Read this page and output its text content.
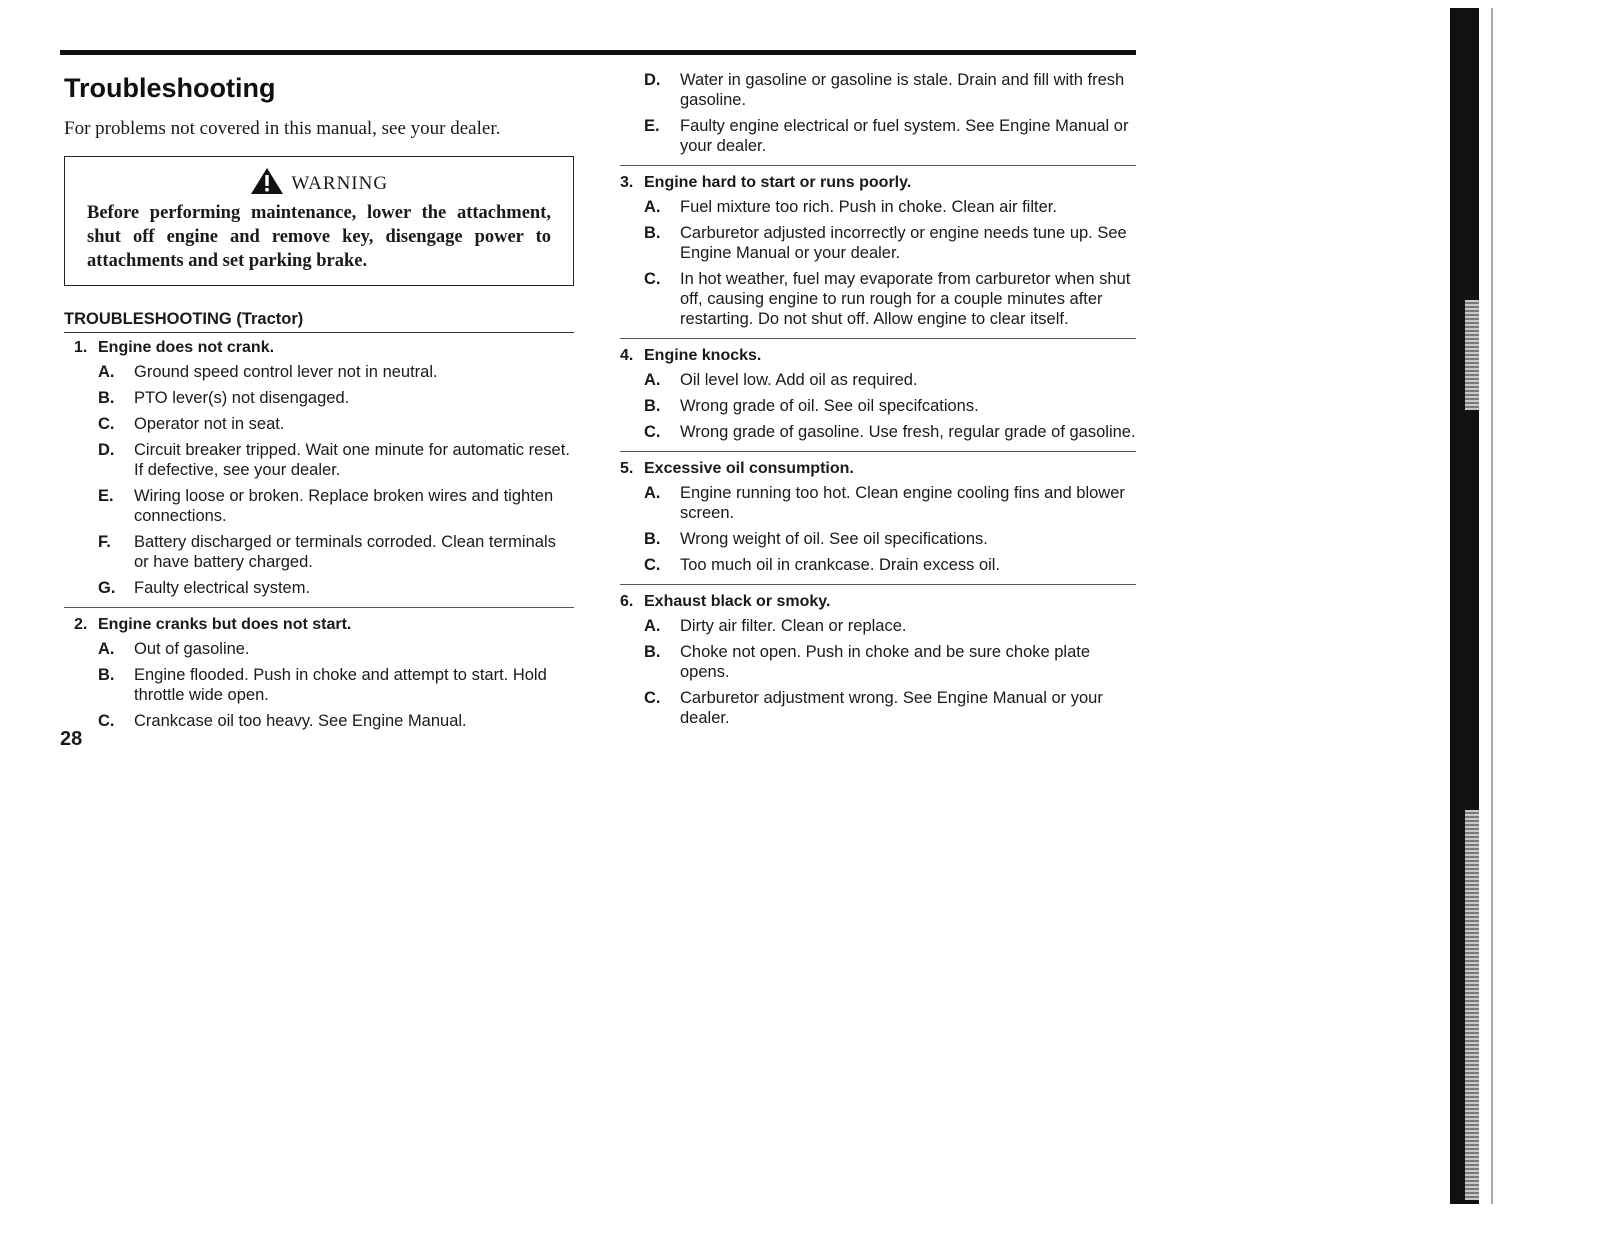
Troubleshooting
For problems not covered in this manual, see your dealer.
WARNING
Before performing maintenance, lower the attachment, shut off engine and remove key, disengage power to attachments and set parking brake.
TROUBLESHOOTING (Tractor)
1. Engine does not crank.
A.	Ground speed control lever not in neutral.
B.	PTO lever(s) not disengaged.
C.	Operator not in seat.
D.	Circuit breaker tripped. Wait one minute for automatic reset. If defective, see your dealer.
E.	Wiring loose or broken. Replace broken wires and tighten connections.
F.	Battery discharged or terminals corroded. Clean terminals or have battery charged.
G.	Faulty electrical system.
2. Engine cranks but does not start.
A.	Out of gasoline.
B.	Engine flooded. Push in choke and attempt to start. Hold throttle wide open.
C.	Crankcase oil too heavy. See Engine Manual.
28
D.	Water in gasoline or gasoline is stale. Drain and fill with fresh gasoline.
E.	Faulty engine electrical or fuel system. See Engine Manual or your dealer.
3. Engine hard to start or runs poorly.
A.	Fuel mixture too rich. Push in choke. Clean air filter.
B.	Carburetor adjusted incorrectly or engine needs tune up. See Engine Manual or your dealer.
C.	In hot weather, fuel may evaporate from carburetor when shut off, causing engine to run rough for a couple minutes after restarting. Do not shut off. Allow engine to clear itself.
4. Engine knocks.
A.	Oil level low. Add oil as required.
B.	Wrong grade of oil. See oil specifcations.
C.	Wrong grade of gasoline. Use fresh, regular grade of gasoline.
5. Excessive oil consumption.
A.	Engine running too hot. Clean engine cooling fins and blower screen.
B.	Wrong weight of oil. See oil specifications.
C.	Too much oil in crankcase. Drain excess oil.
6. Exhaust black or smoky.
A.	Dirty air filter. Clean or replace.
B.	Choke not open. Push in choke and be sure choke plate opens.
C.	Carburetor adjustment wrong. See Engine Manual or your dealer.
